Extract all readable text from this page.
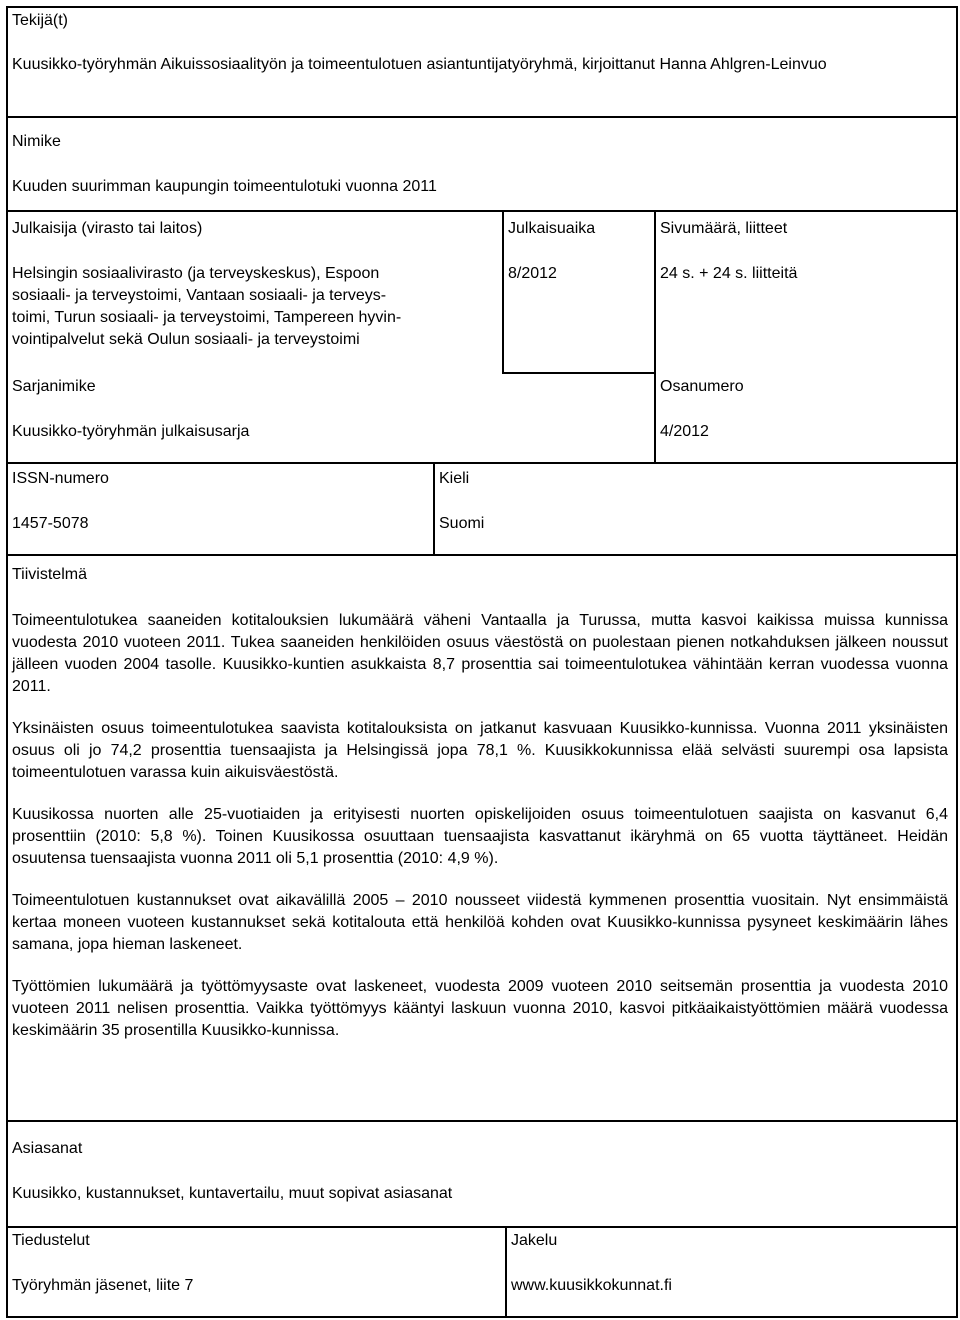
Tekijä(t)
Kuusikko-työryhmän Aikuissosiaalityön ja toimeentulotuen asiantuntijatyöryhmä, kirjoittanut Hanna Ahlgren-Leinvuo
Nimike
Kuuden suurimman kaupungin toimeentulotuki vuonna 2011
Julkaisija (virasto tai laitos)
Helsingin sosiaalivirasto (ja terveyskeskus), Espoon
sosiaali- ja terveystoimi, Vantaan sosiaali- ja terveys-
toimi, Turun sosiaali- ja terveystoimi, Tampereen hyvin-
vointipalvelut sekä Oulun sosiaali- ja terveystoimi
Julkaisuaika
8/2012
Sivumäärä, liitteet
24 s. + 24 s. liitteitä
Sarjanimike
Kuusikko-työryhmän julkaisusarja
Osanumero
4/2012
ISSN-numero
1457-5078
Kieli
Suomi
Tiivistelmä

Toimeentulotukea saaneiden kotitalouksien lukumäärä väheni Vantaalla ja Turussa, mutta kasvoi kaikissa muissa kunnissa vuodesta 2010 vuoteen 2011. Tukea saaneiden henkilöiden osuus väestöstä on puolestaan pienen notkahduksen jälkeen noussut jälleen vuoden 2004 tasolle. Kuusikko-kuntien asukkaista 8,7 prosenttia sai toimeentulotukea vähintään kerran vuodessa vuonna 2011.

Yksinäisten osuus toimeentulotukea saavista kotitalouksista on jatkanut kasvuaan Kuusikko-kunnissa. Vuonna 2011 yksinäisten osuus oli jo 74,2 prosenttia tuensaajista ja Helsingissä jopa 78,1 %. Kuusikkokunnissa elää selvästi suurempi osa lapsista toimeentulotuen varassa kuin aikuisväestöstä.

Kuusikossa nuorten alle 25-vuotiaiden ja erityisesti nuorten opiskelijoiden osuus toimeentulotuen saajista on kasvanut 6,4 prosenttiin (2010: 5,8 %). Toinen Kuusikossa osuuttaan tuensaajista kasvattanut ikäryhmä on 65 vuotta täyttäneet. Heidän osuutensa tuensaajista vuonna 2011 oli 5,1 prosenttia (2010: 4,9 %).

Toimeentulotuen kustannukset ovat aikavälillä 2005 – 2010 nousseet viidestä kymmenen prosenttia vuositain. Nyt ensimmäistä kertaa moneen vuoteen kustannukset sekä kotitalouta että henkilöä kohden ovat Kuusikko-kunnissa pysyneet keskimäärin lähes samana, jopa hieman laskeneet.

Työttömien lukumäärä ja työttömyysaste ovat laskeneet, vuodesta 2009 vuoteen 2010 seitsemän prosenttia ja vuodesta 2010 vuoteen 2011 nelisen prosenttia. Vaikka työttömyys kääntyi laskuun vuonna 2010, kasvoi pitkäaikaistyöttömien määrä vuodessa keskimäärin 35 prosentilla Kuusikko-kunnissa.

Asiasanat
Kuusikko, kustannukset, kuntavertailu, muut sopivat asiasanat
Tiedustelut
Työryhmän jäsenet, liite 7
Jakelu
www.kuusikkokunnat.fi
